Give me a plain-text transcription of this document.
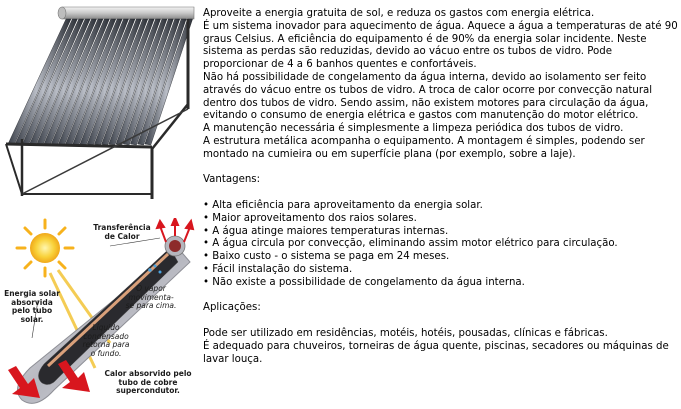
Transferência de Calor
Energia solar absorvida pelo tubo solar.
O vapor movimenta-se para cima.
Líquido condensado retorna para o fundo.
Calor absorvido pelo tubo de cobre supercondutor.

Aproveite a energia gratuita de sol, e reduza os gastos com energia elétrica.

É um sistema inovador para aquecimento de água. Aquece a água a temperaturas de até 90 graus Celsius. A eficiência do equipamento é de 90% da energia solar incidente. Neste sistema as perdas são reduzidas, devido ao vácuo entre os tubos de vidro. Pode proporcionar de 4 a 6 banhos quentes e confortáveis.

Não há possibilidade de congelamento da água interna, devido ao isolamento ser feito através do vácuo entre os tubos de vidro. A troca de calor ocorre por convecção natural dentro dos tubos de vidro. Sendo assim, não existem motores para circulação da água, evitando o consumo de energia elétrica e gastos com manutenção do motor elétrico.

A manutenção necessária é simplesmente a limpeza periódica dos tubos de vidro.

A estrutura metálica acompanha o equipamento. A montagem é simples, podendo ser montado na cumieira ou em superfície plana (por exemplo, sobre a laje).

Vantagens:

• Alta eficiência para aproveitamento da energia solar.
• Maior aproveitamento dos raios solares.
• A água atinge maiores temperaturas internas.
• A água circula por convecção, eliminando assim motor elétrico para circulação.
• Baixo custo - o sistema se paga em 24 meses.
• Fácil instalação do sistema.
• Não existe a possibilidade de congelamento da água interna.

Aplicações:

Pode ser utilizado em residências, motéis, hotéis, pousadas, clínicas e fábricas.

É adequado para chuveiros, torneiras de água quente, piscinas, secadores ou máquinas de lavar louça.
